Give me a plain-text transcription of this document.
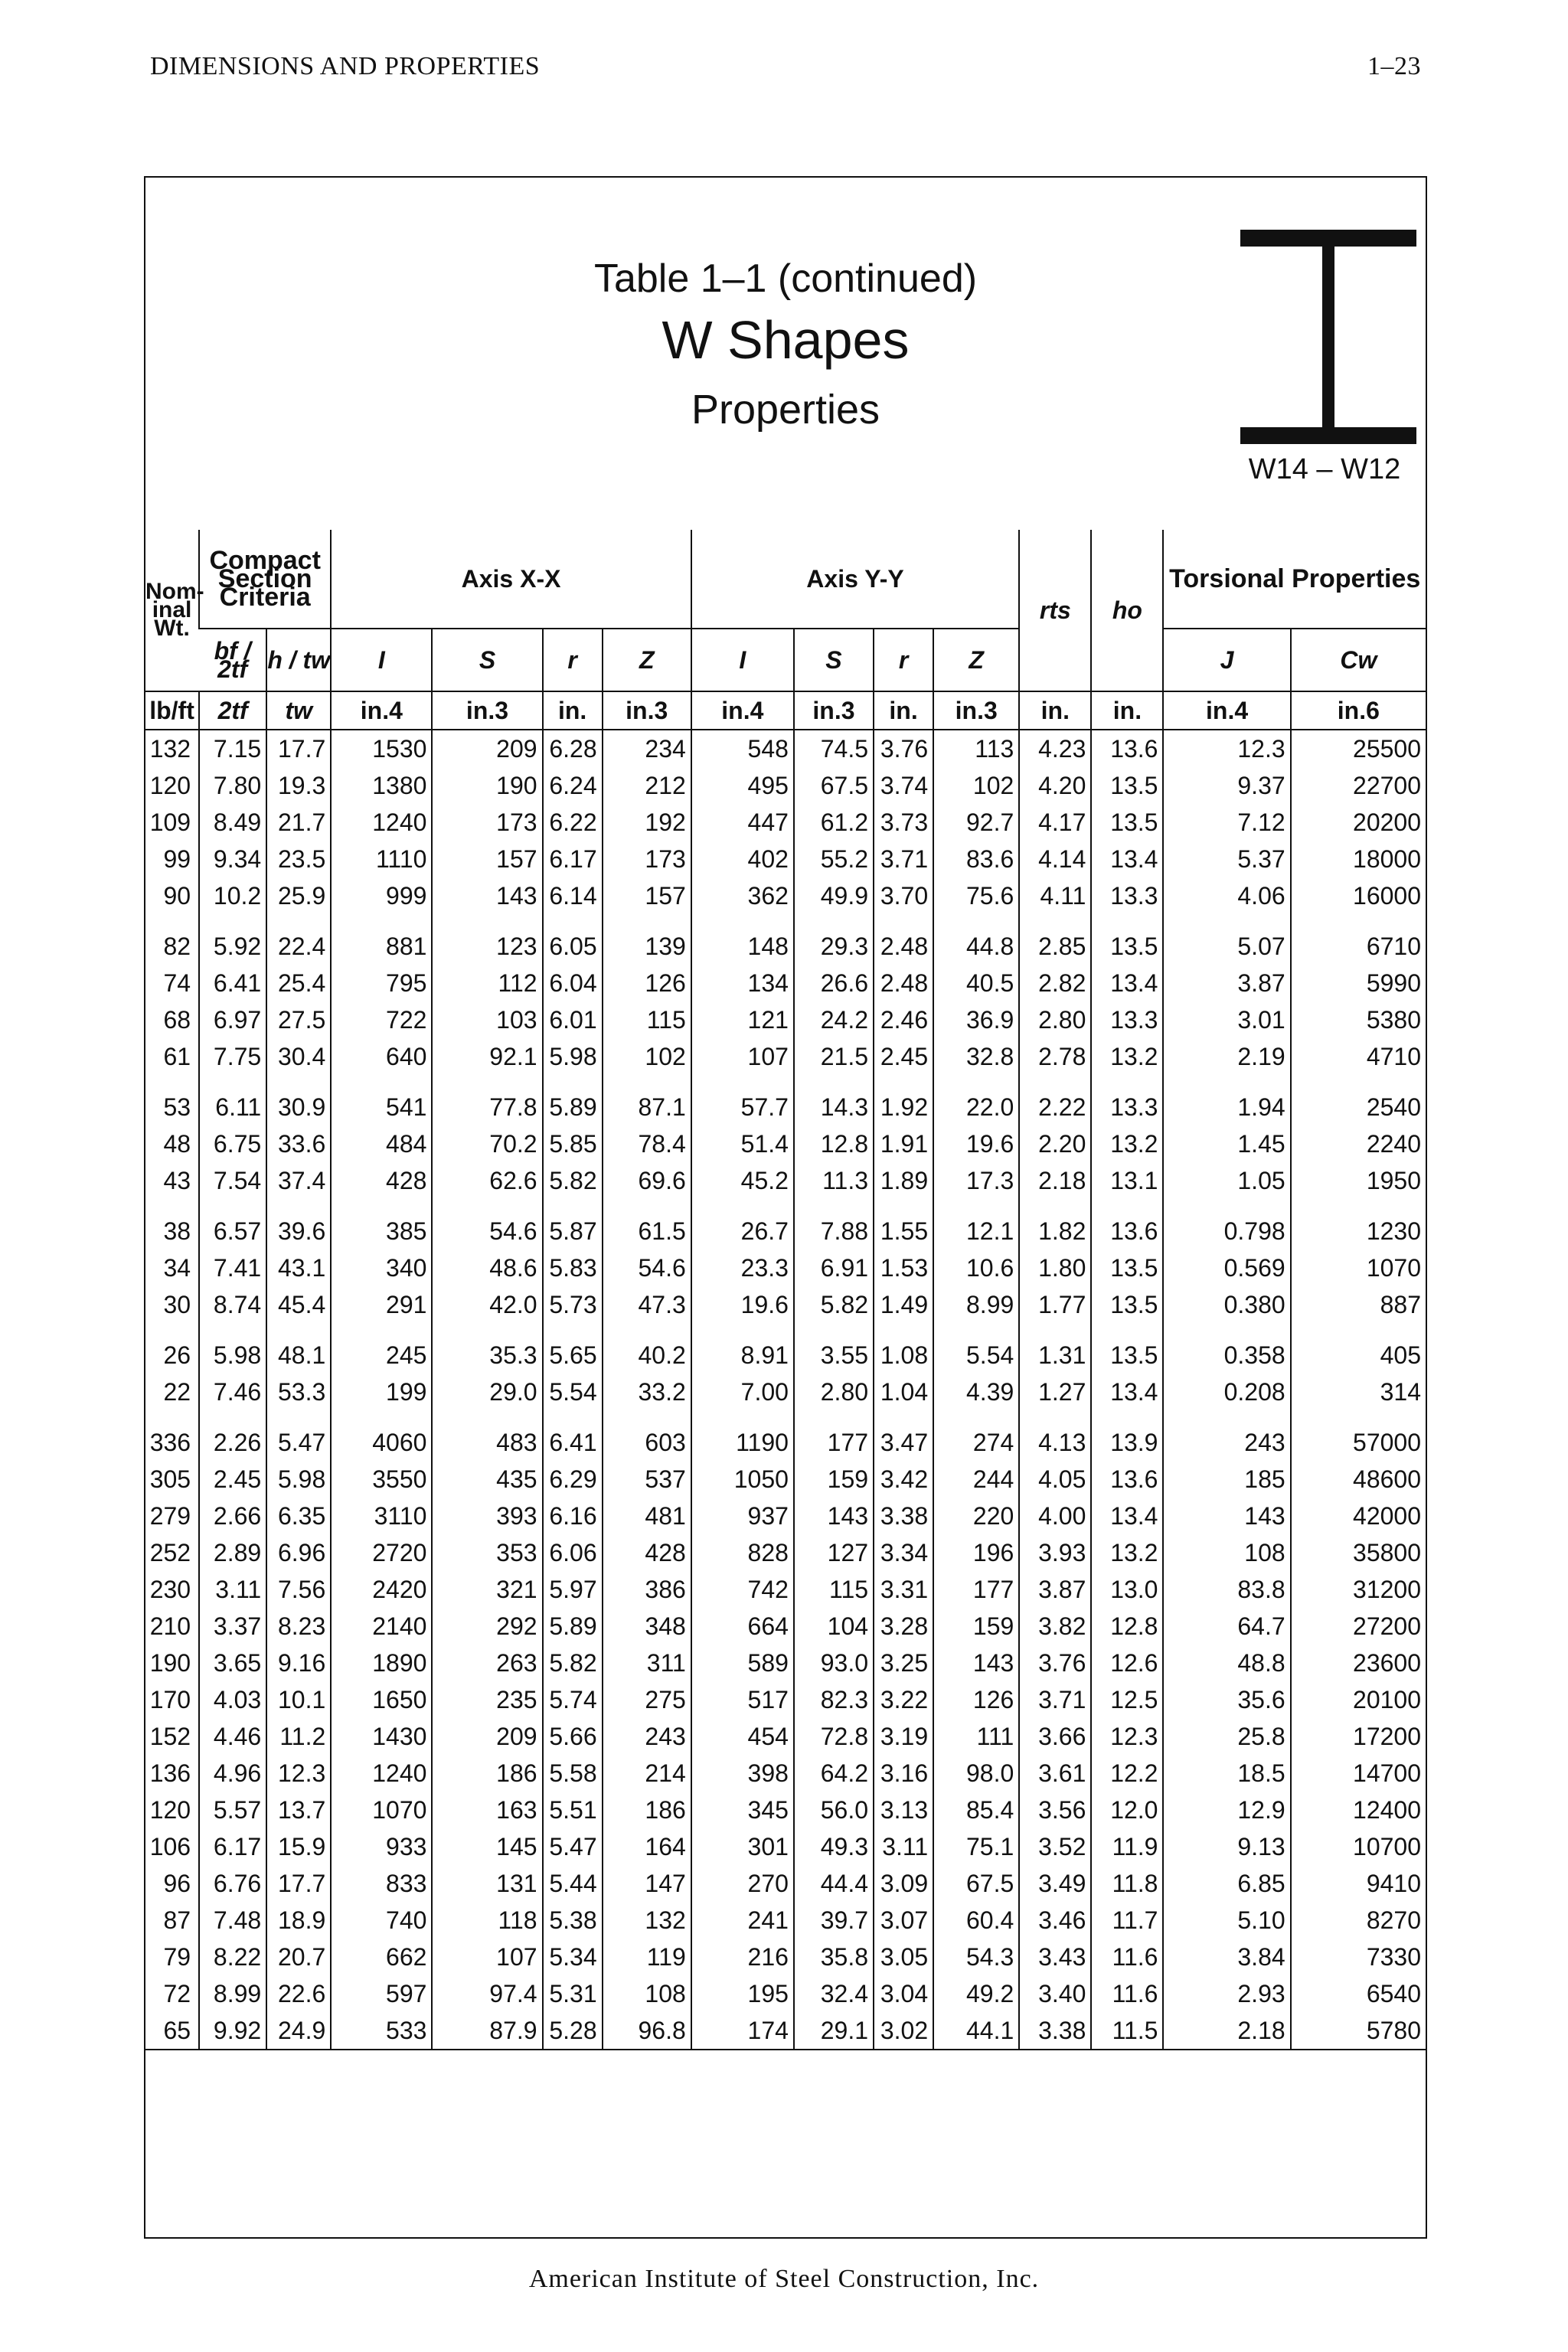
DIMENSIONS AND PROPERTIES	1–23
Table 1–1 (continued)
W Shapes
Properties
W14 – W12
Nom-inal Wt.	Compact Section Criteria		Axis X-X				Axis Y-Y				rts	ho	Torsional Properties	
	bf / 2tf	h / tw	I	S	r	Z	I	S	r	Z			J	Cw
lb/ft	2tf	tw	in.4	in.3	in.	in.3	in.4	in.3	in.	in.3	in.	in.	in.4	in.6
132	7.15	17.7	1530	209	6.28	234	548	74.5	3.76	113	4.23	13.6	12.3	25500
120	7.80	19.3	1380	190	6.24	212	495	67.5	3.74	102	4.20	13.5	9.37	22700
109	8.49	21.7	1240	173	6.22	192	447	61.2	3.73	92.7	4.17	13.5	7.12	20200
99	9.34	23.5	1110	157	6.17	173	402	55.2	3.71	83.6	4.14	13.4	5.37	18000
90	10.2	25.9	999	143	6.14	157	362	49.9	3.70	75.6	4.11	13.3	4.06	16000

82	5.92	22.4	881	123	6.05	139	148	29.3	2.48	44.8	2.85	13.5	5.07	6710
74	6.41	25.4	795	112	6.04	126	134	26.6	2.48	40.5	2.82	13.4	3.87	5990
68	6.97	27.5	722	103	6.01	115	121	24.2	2.46	36.9	2.80	13.3	3.01	5380
61	7.75	30.4	640	92.1	5.98	102	107	21.5	2.45	32.8	2.78	13.2	2.19	4710

53	6.11	30.9	541	77.8	5.89	87.1	57.7	14.3	1.92	22.0	2.22	13.3	1.94	2540
48	6.75	33.6	484	70.2	5.85	78.4	51.4	12.8	1.91	19.6	2.20	13.2	1.45	2240
43	7.54	37.4	428	62.6	5.82	69.6	45.2	11.3	1.89	17.3	2.18	13.1	1.05	1950

38	6.57	39.6	385	54.6	5.87	61.5	26.7	7.88	1.55	12.1	1.82	13.6	0.798	1230
34	7.41	43.1	340	48.6	5.83	54.6	23.3	6.91	1.53	10.6	1.80	13.5	0.569	1070
30	8.74	45.4	291	42.0	5.73	47.3	19.6	5.82	1.49	8.99	1.77	13.5	0.380	887

26	5.98	48.1	245	35.3	5.65	40.2	8.91	3.55	1.08	5.54	1.31	13.5	0.358	405
22	7.46	53.3	199	29.0	5.54	33.2	7.00	2.80	1.04	4.39	1.27	13.4	0.208	314

336	2.26	5.47	4060	483	6.41	603	1190	177	3.47	274	4.13	13.9	243	57000
305	2.45	5.98	3550	435	6.29	537	1050	159	3.42	244	4.05	13.6	185	48600
279	2.66	6.35	3110	393	6.16	481	937	143	3.38	220	4.00	13.4	143	42000
252	2.89	6.96	2720	353	6.06	428	828	127	3.34	196	3.93	13.2	108	35800
230	3.11	7.56	2420	321	5.97	386	742	115	3.31	177	3.87	13.0	83.8	31200
210	3.37	8.23	2140	292	5.89	348	664	104	3.28	159	3.82	12.8	64.7	27200
190	3.65	9.16	1890	263	5.82	311	589	93.0	3.25	143	3.76	12.6	48.8	23600
170	4.03	10.1	1650	235	5.74	275	517	82.3	3.22	126	3.71	12.5	35.6	20100
152	4.46	11.2	1430	209	5.66	243	454	72.8	3.19	111	3.66	12.3	25.8	17200
136	4.96	12.3	1240	186	5.58	214	398	64.2	3.16	98.0	3.61	12.2	18.5	14700
120	5.57	13.7	1070	163	5.51	186	345	56.0	3.13	85.4	3.56	12.0	12.9	12400
106	6.17	15.9	933	145	5.47	164	301	49.3	3.11	75.1	3.52	11.9	9.13	10700
96	6.76	17.7	833	131	5.44	147	270	44.4	3.09	67.5	3.49	11.8	6.85	9410
87	7.48	18.9	740	118	5.38	132	241	39.7	3.07	60.4	3.46	11.7	5.10	8270
79	8.22	20.7	662	107	5.34	119	216	35.8	3.05	54.3	3.43	11.6	3.84	7330
72	8.99	22.6	597	97.4	5.31	108	195	32.4	3.04	49.2	3.40	11.6	2.93	6540
65	9.92	24.9	533	87.9	5.28	96.8	174	29.1	3.02	44.1	3.38	11.5	2.18	5780
American Institute of Steel Construction, Inc.
